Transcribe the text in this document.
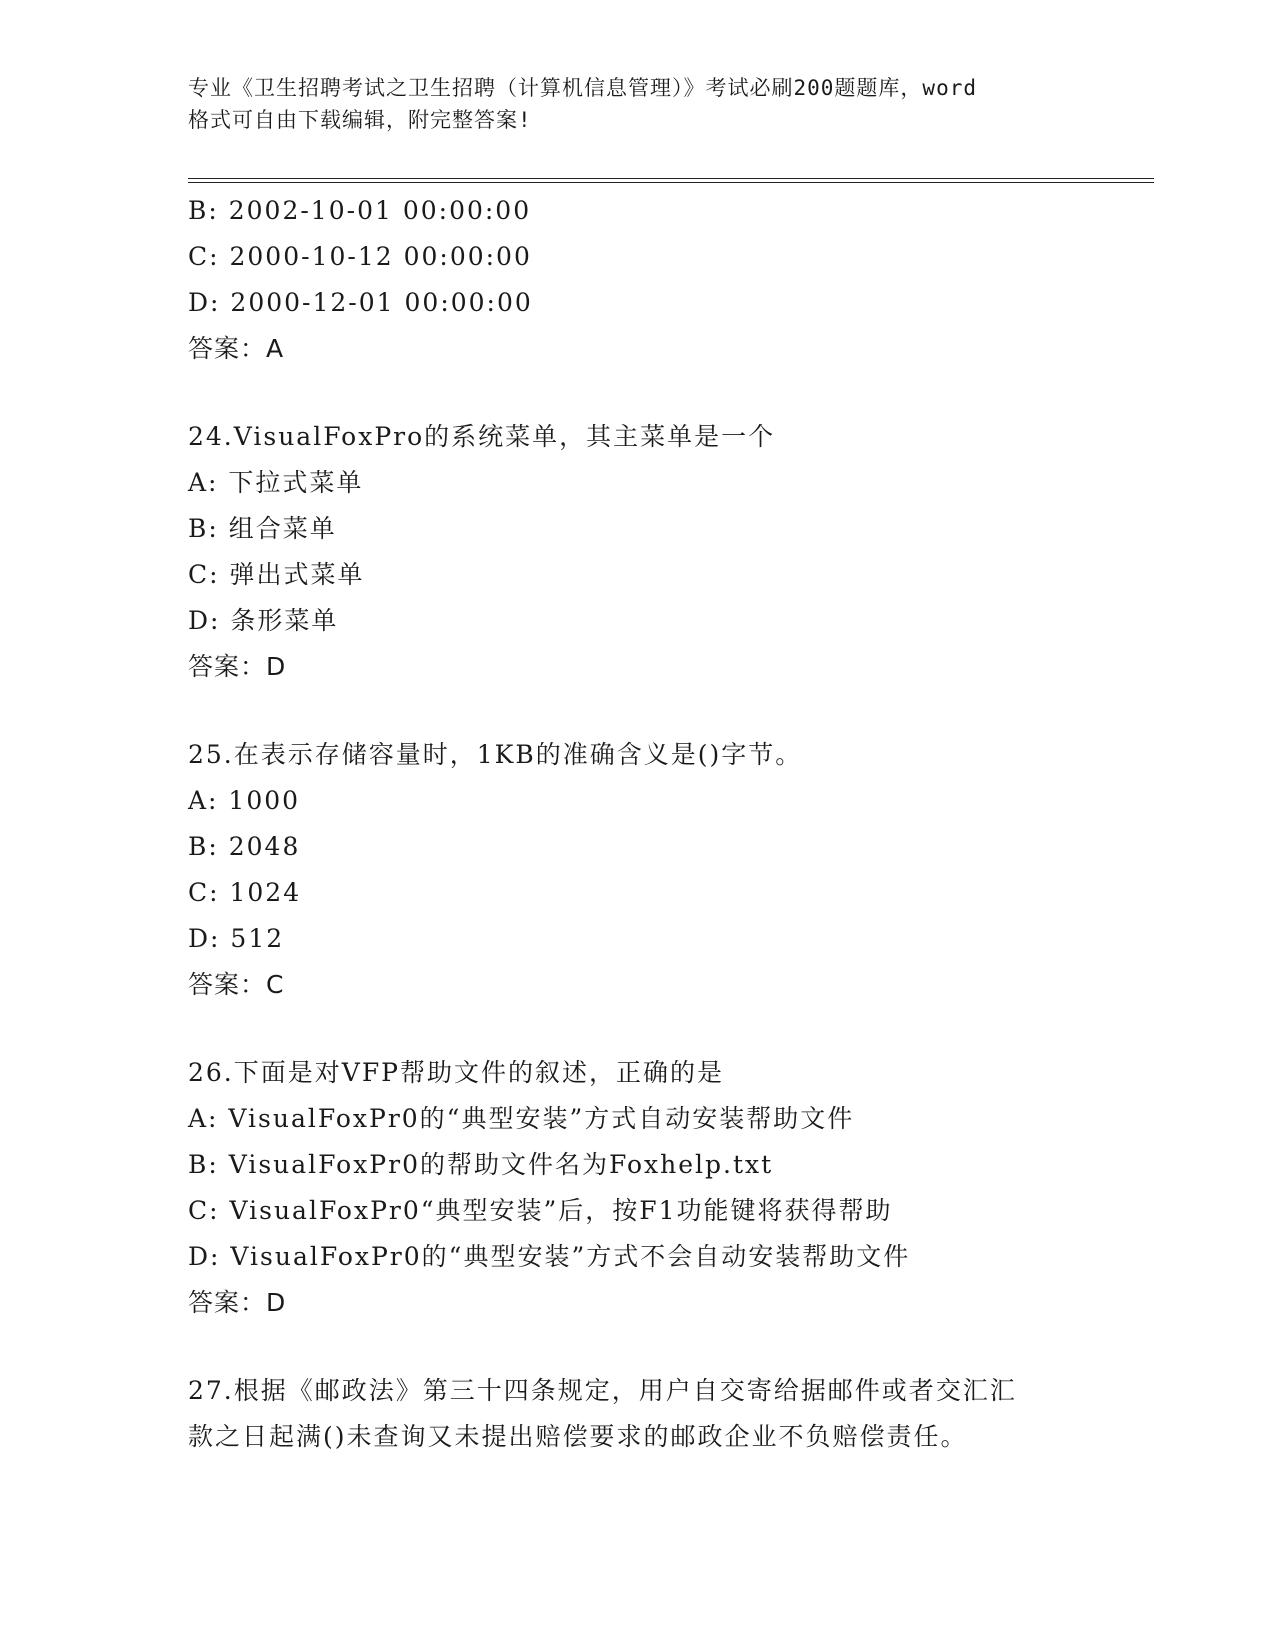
专业《卫生招聘考试之卫生招聘（计算机信息管理）》考试必刷200题题库，word
格式可自由下载编辑，附完整答案!
B: 2002-10-01 00:00:00
C: 2000-10-12 00:00:00
D: 2000-12-01 00:00:00
答案：A
24.VisualFoxPro的系统菜单，其主菜单是一个
A: 下拉式菜单
B: 组合菜单
C: 弹出式菜单
D: 条形菜单
答案：D
25.在表示存储容量时，1KB的准确含义是()字节。
A: 1000
B: 2048
C: 1024
D: 512
答案：C
26.下面是对VFP帮助文件的叙述，正确的是
A: VisualFoxPr0的“典型安装”方式自动安装帮助文件
B: VisualFoxPr0的帮助文件名为Foxhelp.txt
C: VisualFoxPr0“典型安装”后，按F1功能键将获得帮助
D: VisualFoxPr0的“典型安装”方式不会自动安装帮助文件
答案：D
27.根据《邮政法》第三十四条规定，用户自交寄给据邮件或者交汇汇
款之日起满()未查询又未提出赔偿要求的邮政企业不负赔偿责任。
